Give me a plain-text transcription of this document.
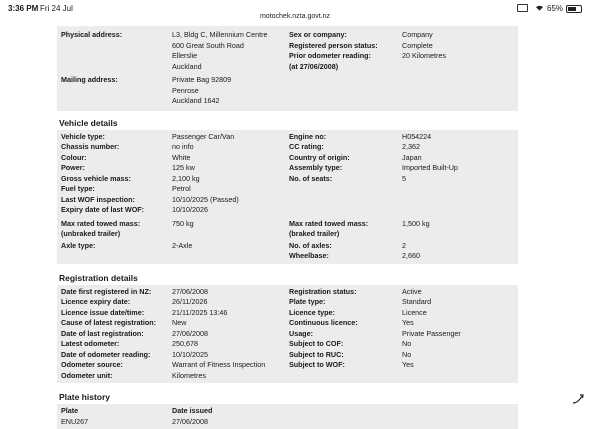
3:36 PM Fri 24 Jul	65%
motochek.nzta.govt.nz
Physical address:	L3, Bldg C, Millennium Centre
600 Great South Road
Ellerslie
Auckland
Mailing address:	Private Bag 92809
Penrose
Auckland 1642
Sex or company:	Company
Registered person status:	Complete
Prior odometer reading:
(at 27/06/2008)
20 Kilometres
Vehicle details
Vehicle type:	Passenger Car/Van	Engine no:	H054224
Chassis number:	no info	CC rating:	2,362
Colour:	White	Country of origin:	Japan
Power:	125 kw	Assembly type:	Imported Built-Up
Gross vehicle mass:	2,100 kg	No. of seats:	5
Fuel type:	Petrol
Last WOF inspection:	10/10/2025 (Passed)
Expiry date of last WOF:	10/10/2026
Max rated towed mass:
(unbraked trailer)
750 kg	Max rated towed mass:
(braked trailer)
1,500 kg
Axle type:	2-Axle	No. of axles:	2
Wheelbase:	2,660
Registration details
Date first registered in NZ:	27/06/2008	Registration status:	Active
Licence expiry date:	26/11/2026	Plate type:	Standard
Licence issue date/time:	21/11/2025 13:46	Licence type:	Licence
Cause of latest registration:	New	Continuous licence:	Yes
Date of last registration:	27/06/2008	Usage:	Private Passenger
Latest odometer:	250,678	Subject to COF:	No
Date of odometer reading:	10/10/2025	Subject to RUC:	No
Odometer source:	Warrant of Fitness Inspection	Subject to WOF:	Yes
Odometer unit:	Kilometres
Plate history
Plate	Date issued
ENU267	27/06/2008
